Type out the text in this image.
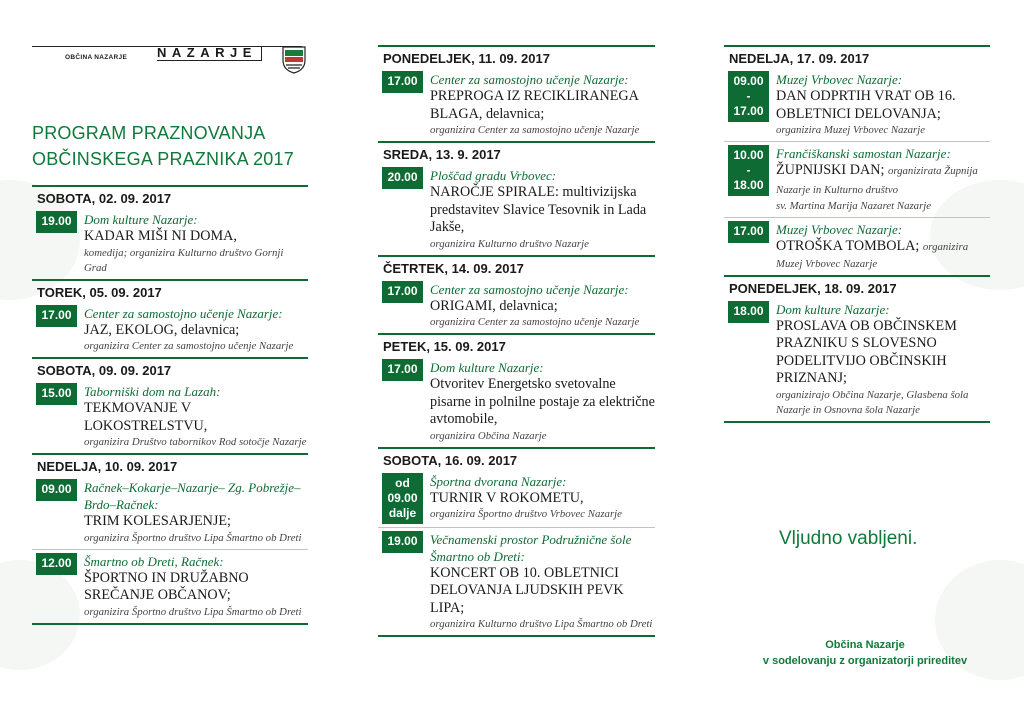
OBČINA NAZARJE NAZARJE
PROGRAM PRAZNOVANJA
OBČINSKEGA PRAZNIKA 2017
SOBOTA, 02. 09. 2017
19.00 Dom kulture Nazarje:
KADAR MIŠI NI DOMA,
komedija; organizira Kulturno društvo Gornji Grad
TOREK, 05. 09. 2017
17.00 Center za samostojno učenje Nazarje:
JAZ, EKOLOG, delavnica;
organizira Center za samostojno učenje Nazarje
SOBOTA, 09. 09. 2017
15.00 Taborniški dom na Lazah:
TEKMOVANJE V LOKOSTRELSTVU,
organizira Društvo tabornikov Rod sotočje Nazarje
NEDELJA, 10. 09. 2017
09.00 Račnek–Kokarje–Nazarje– Zg. Pobrežje–Brdo–Račnek:
TRIM KOLESARJENJE;
organizira Športno društvo Lipa Šmartno ob Dreti
12.00 Šmartno ob Dreti, Račnek:
ŠPORTNO IN DRUŽABNO SREČANJE OBČANOV;
organizira Športno društvo Lipa Šmartno ob Dreti
PONEDELJEK, 11. 09. 2017
17.00 Center za samostojno učenje Nazarje:
PREPROGA IZ RECIKLIRANEGA BLAGA, delavnica;
organizira Center za samostojno učenje Nazarje
SREDA, 13. 9. 2017
20.00 Ploščad gradu Vrbovec:
NAROČJE SPIRALE: multivizijska predstavitev Slavice Tesovnik in Lada Jakše,
organizira Kulturno društvo Nazarje
ČETRTEK, 14. 09. 2017
17.00 Center za samostojno učenje Nazarje:
ORIGAMI, delavnica;
organizira Center za samostojno učenje Nazarje
PETEK, 15. 09. 2017
17.00 Dom kulture Nazarje:
Otvoritev Energetsko svetovalne pisarne in polnilne postaje za električne avtomobile,
organizira Občina Nazarje
SOBOTA, 16. 09. 2017
od 09.00 dalje
Športna dvorana Nazarje:
TURNIR V ROKOMETU,
organizira Športno društvo Vrbovec Nazarje
19.00 Večnamenski prostor Podružnične šole Šmartno ob Dreti:
KONCERT OB 10. OBLETNICI DELOVANJA LJUDSKIH PEVK LIPA;
organizira Kulturno društvo Lipa Šmartno ob Dreti
NEDELJA, 17. 09. 2017
09.00 - 17.00
Muzej Vrbovec Nazarje:
DAN ODPRTIH VRAT OB 16. OBLETNICI DELOVANJA;
organizira Muzej Vrbovec Nazarje
10.00 - 18.00
Frančiškanski samostan Nazarje:
ŽUPNIJSKI DAN; organizirata Župnija Nazarje in Kulturno društvo
sv. Martina Marija Nazaret Nazarje
17.00 Muzej Vrbovec Nazarje:
OTROŠKA TOMBOLA; organizira
Muzej Vrbovec Nazarje
PONEDELJEK, 18. 09. 2017
18.00 Dom kulture Nazarje:
PROSLAVA OB OBČINSKEM PRAZNIKU S SLOVESNO PODELITVIJO OBČINSKIH PRIZNANJ;
organizirajo Občina Nazarje, Glasbena šola Nazarje in Osnovna šola Nazarje
Vljudno vabljeni.
Občina Nazarje
v sodelovanju z organizatorji prireditev
